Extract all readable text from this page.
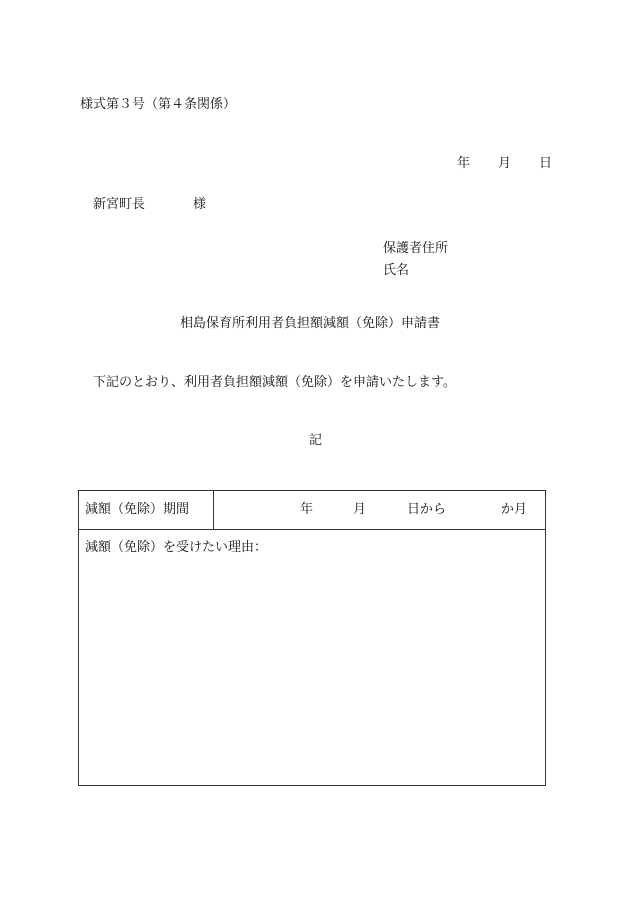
様式第３号（第４条関係）
年 月 日
新宮町長	様
保護者住所
氏名
相島保育所利用者負担額減額（免除）申請書
下記のとおり、利用者負担額減額（免除）を申請いたします。
記
減額（免除）期間	年	月	日から	か月
減額（免除）を受けたい理由：
